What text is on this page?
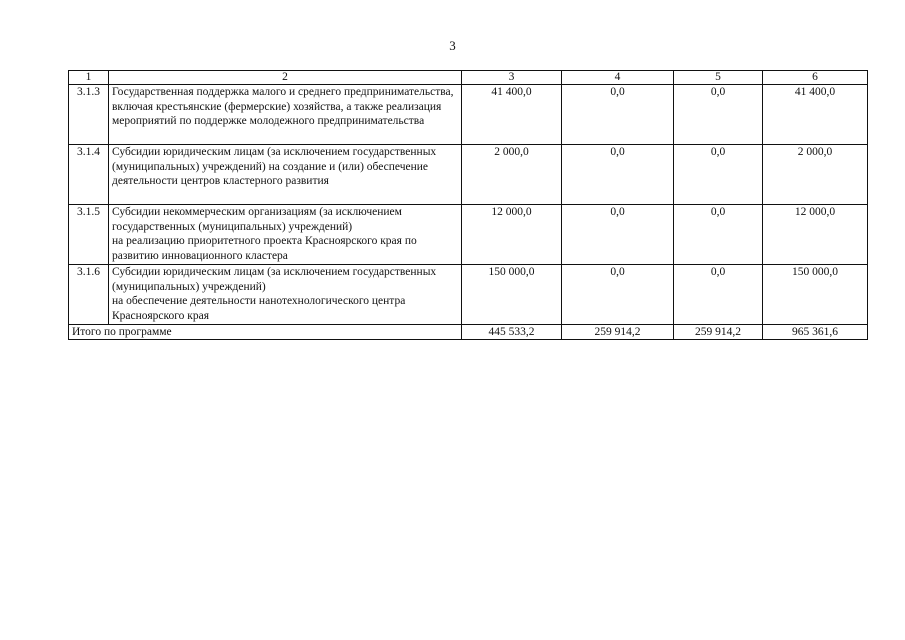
3
1	2	3	4	5	6
3.1.3	Государственная поддержка малого и среднего предпринимательства, включая крестьянские (фермерские) хозяйства, а также реализация мероприятий по поддержке молодежного предпринимательства	41 400,0	0,0	0,0	41 400,0
3.1.4	Субсидии юридическим лицам (за исключением государственных (муниципальных) учреждений) на создание и (или) обеспечение деятельности центров кластерного развития	2 000,0	0,0	0,0	2 000,0
3.1.5	Субсидии некоммерческим организациям (за исключением государственных (муниципальных) учреждений)
на реализацию приоритетного проекта Красноярского края по развитию инновационного кластера	12 000,0	0,0	0,0	12 000,0
3.1.6	Субсидии юридическим лицам (за исключением государственных (муниципальных) учреждений)
на обеспечение деятельности нанотехнологического центра Красноярского края	150 000,0	0,0	0,0	150 000,0
Итого по программе		445 533,2	259 914,2	259 914,2	965 361,6
